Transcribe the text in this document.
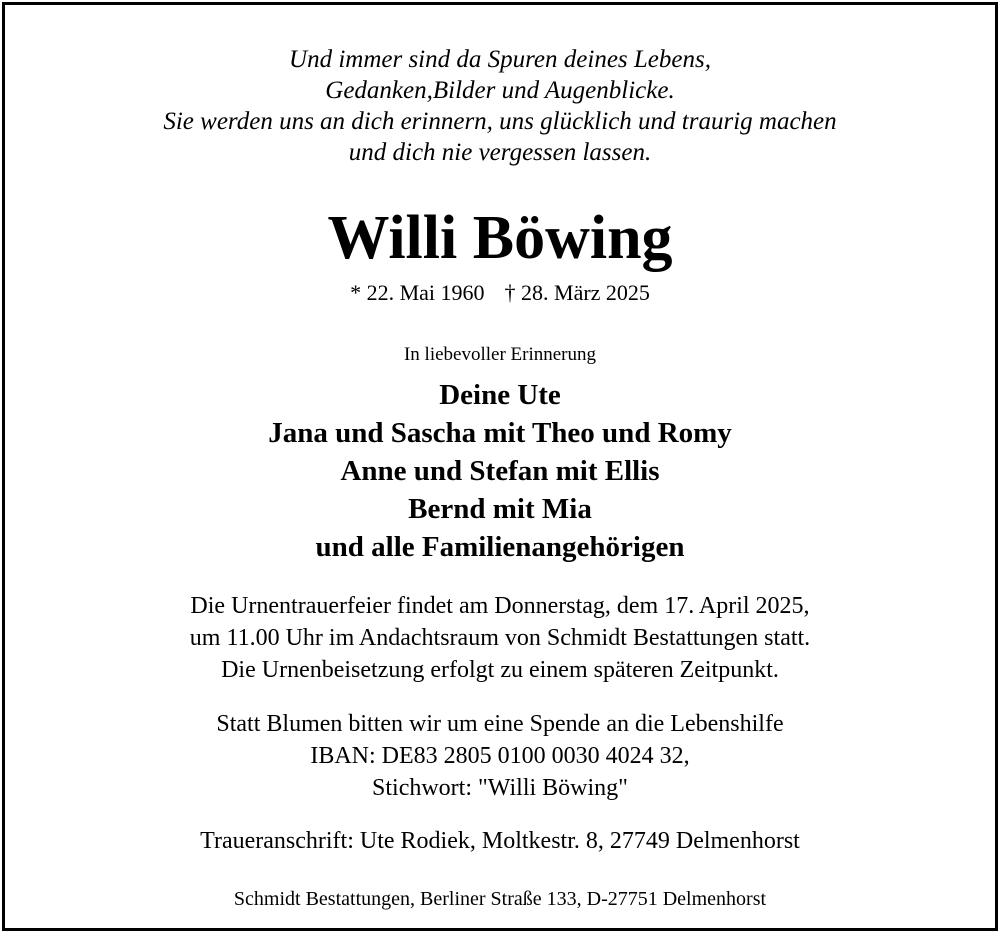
Und immer sind da Spuren deines Lebens,
Gedanken,Bilder und Augenblicke.
Sie werden uns an dich erinnern, uns glücklich und traurig machen
und dich nie vergessen lassen.
Willi Böwing
* 22. Mai 1960 † 28. März 2025
In liebevoller Erinnerung
Deine Ute
Jana und Sascha mit Theo und Romy
Anne und Stefan mit Ellis
Bernd mit Mia
und alle Familienangehörigen
Die Urnentrauerfeier findet am Donnerstag, dem 17. April 2025,
um 11.00 Uhr im Andachtsraum von Schmidt Bestattungen statt.
Die Urnenbeisetzung erfolgt zu einem späteren Zeitpunkt.
Statt Blumen bitten wir um eine Spende an die Lebenshilfe
IBAN: DE83 2805 0100 0030 4024 32,
Stichwort: "Willi Böwing"
Traueranschrift: Ute Rodiek, Moltkestr. 8, 27749 Delmenhorst
Schmidt Bestattungen, Berliner Straße 133, D-27751 Delmenhorst
